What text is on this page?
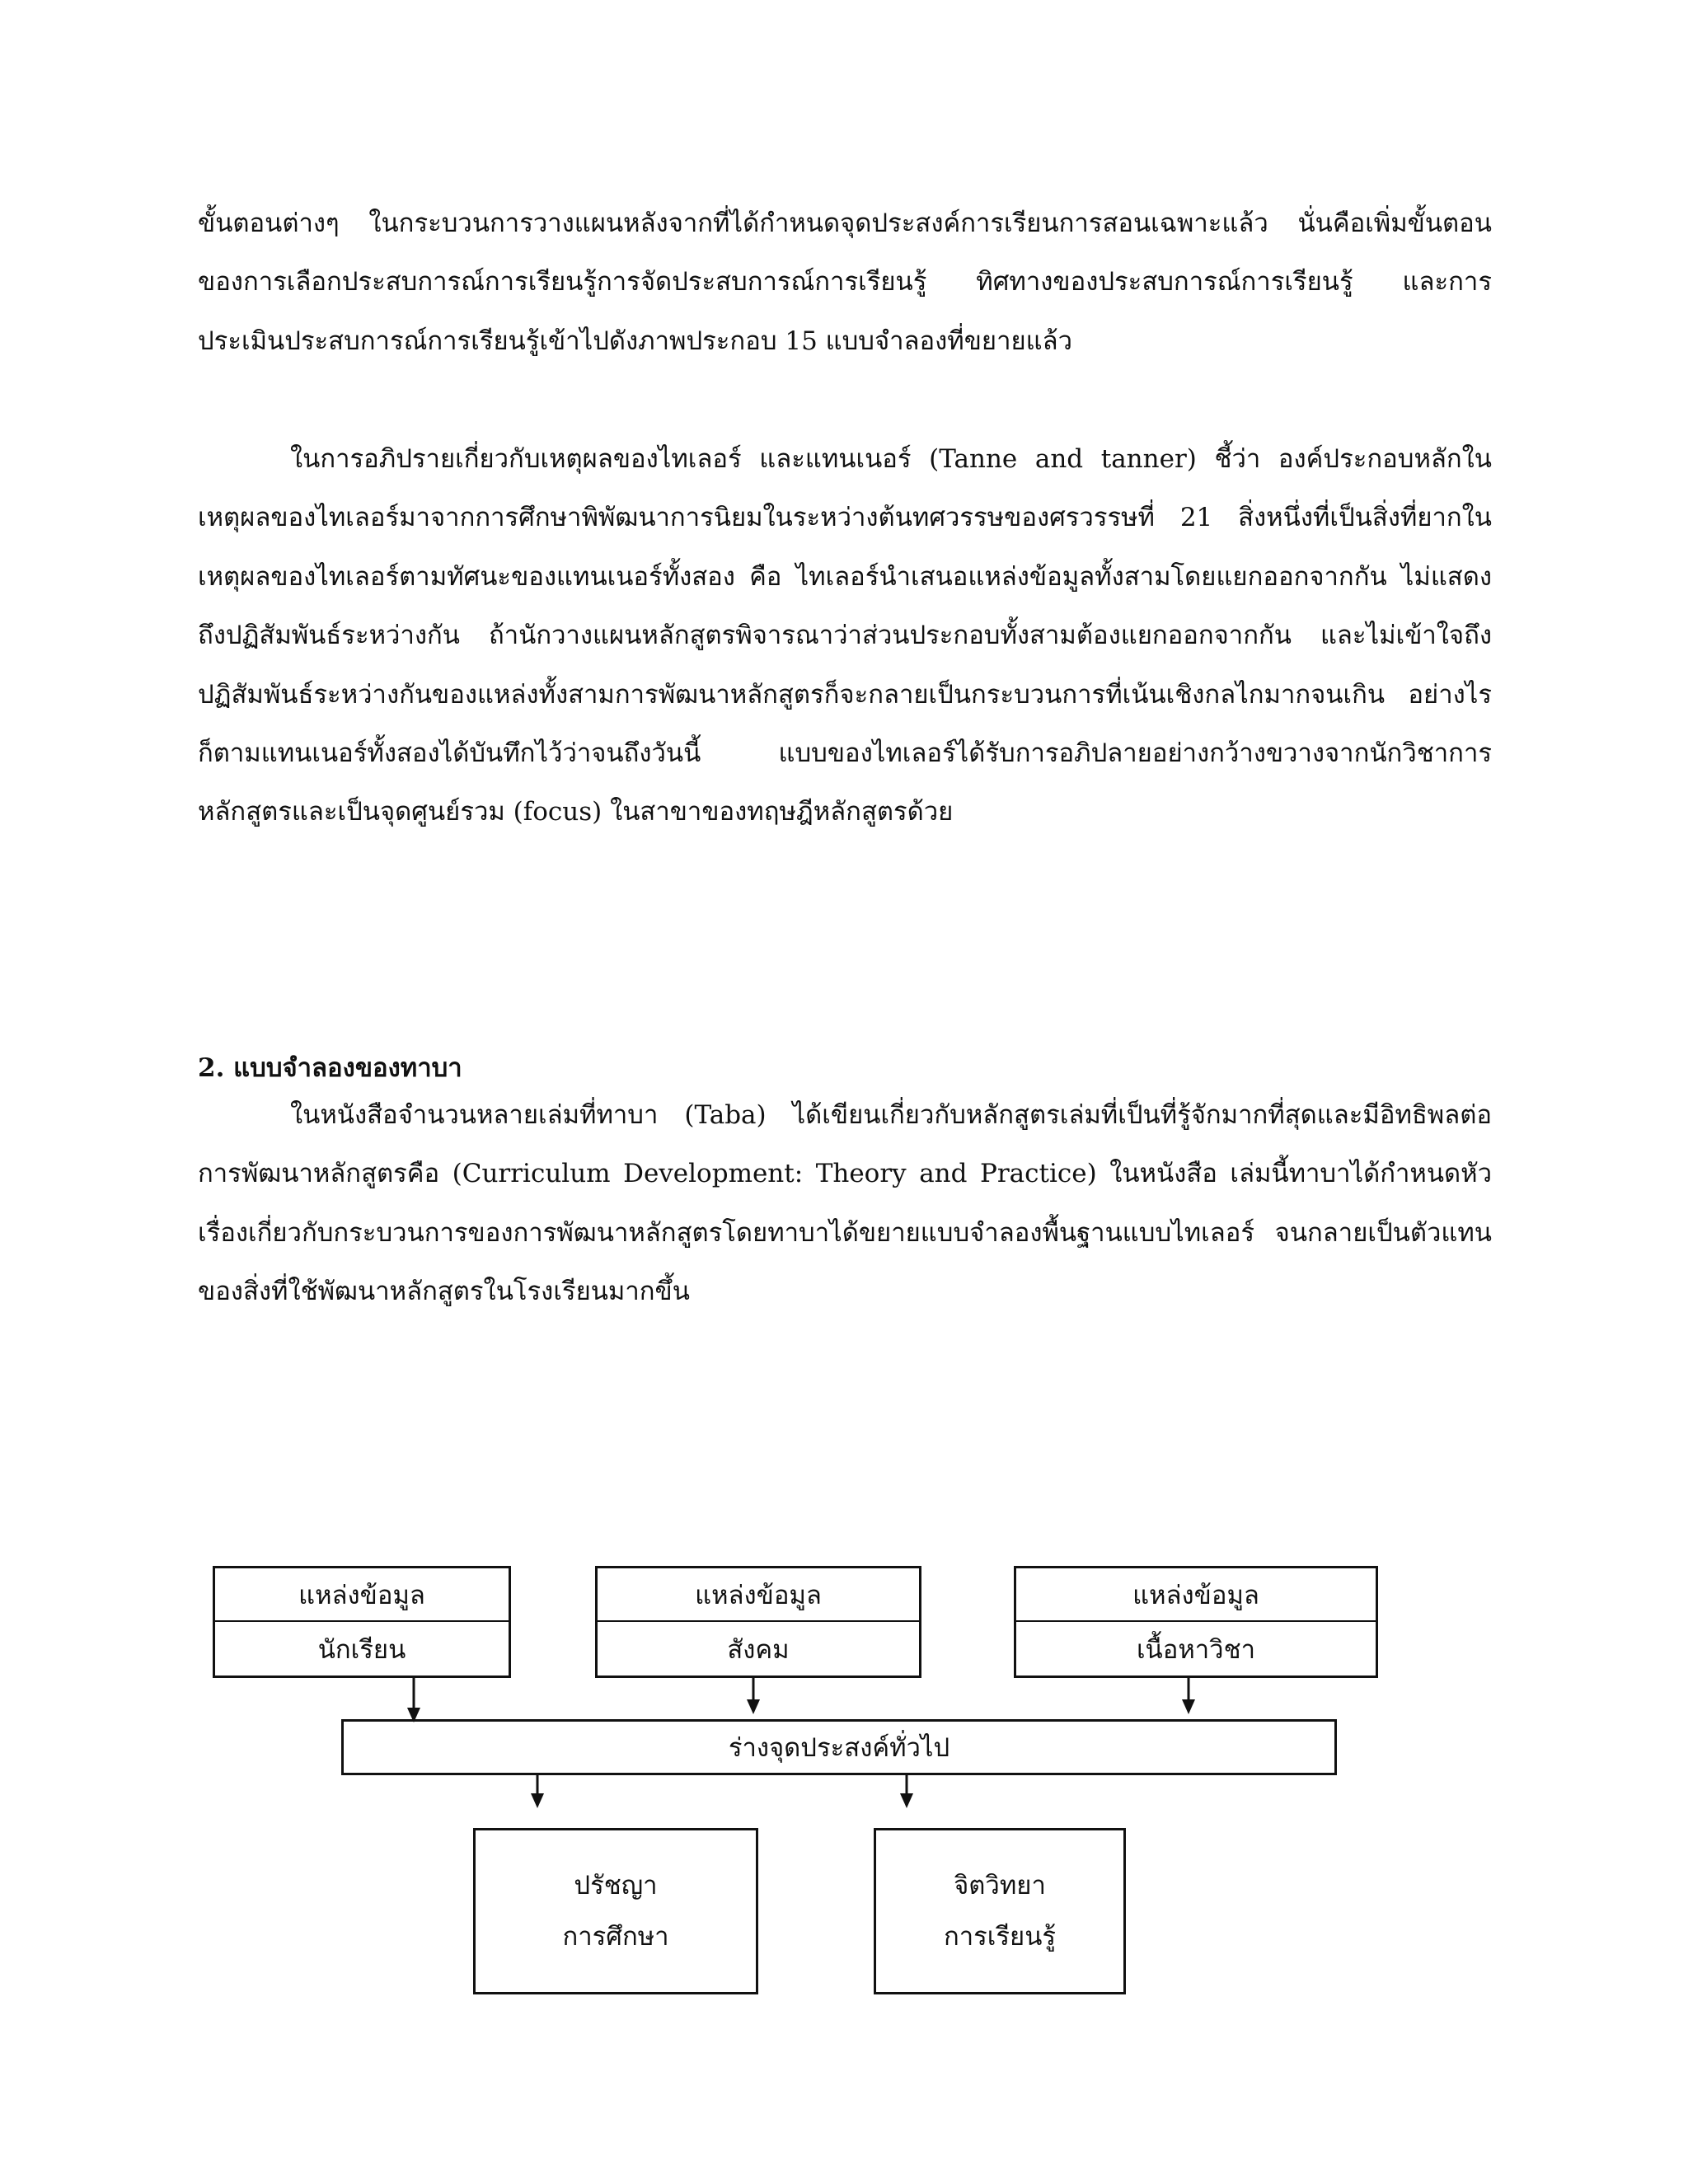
ขั้นตอนต่างๆ ในกระบวนการวางแผนหลังจากที่ได้กำหนดจุดประสงค์การเรียนการสอนเฉพาะแล้ว นั่นคือเพิ่มขั้นตอนของการเลือกประสบการณ์การเรียนรู้การจัดประสบการณ์การเรียนรู้ ทิศทางของประสบการณ์การเรียนรู้ และการประเมินประสบการณ์การเรียนรู้เข้าไปดังภาพประกอบ 15 แบบจำลองที่ขยายแล้ว

ในการอภิปรายเกี่ยวกับเหตุผลของไทเลอร์ และแทนเนอร์ (Tanne and tanner) ชี้ว่า องค์ประกอบหลักในเหตุผลของไทเลอร์มาจากการศึกษาพิพัฒนาการนิยมในระหว่างต้นทศวรรษของศรวรรษที่ 21 สิ่งหนึ่งที่เป็นสิ่งที่ยากในเหตุผลของไทเลอร์ตามทัศนะของแทนเนอร์ทั้งสอง คือ ไทเลอร์นำเสนอแหล่งข้อมูลทั้งสามโดยแยกออกจากกัน ไม่แสดงถึงปฏิสัมพันธ์ระหว่างกัน ถ้านักวางแผนหลักสูตรพิจารณาว่าส่วนประกอบทั้งสามต้องแยกออกจากกัน และไม่เข้าใจถึงปฏิสัมพันธ์ระหว่างกันของแหล่งทั้งสามการพัฒนาหลักสูตรก็จะกลายเป็นกระบวนการที่เน้นเชิงกลไกมากจนเกิน อย่างไรก็ตามแทนเนอร์ทั้งสองได้บันทึกไว้ว่าจนถึงวันนี้ แบบของไทเลอร์ได้รับการอภิปลายอย่างกว้างขวางจากนักวิชาการหลักสูตรและเป็นจุดศูนย์รวม (focus) ในสาขาของทฤษฎีหลักสูตรด้วย

2. แบบจำลองของทาบา

ในหนังสือจำนวนหลายเล่มที่ทาบา (Taba) ได้เขียนเกี่ยวกับหลักสูตรเล่มที่เป็นที่รู้จักมากที่สุดและมีอิทธิพลต่อการพัฒนาหลักสูตรคือ (Curriculum Development: Theory and Practice) ในหนังสือ เล่มนี้ทาบาได้กำหนดหัวเรื่องเกี่ยวกับกระบวนการของการพัฒนาหลักสูตรโดยทาบาได้ขยายแบบจำลองพื้นฐานแบบไทเลอร์ จนกลายเป็นตัวแทนของสิ่งที่ใช้พัฒนาหลักสูตรในโรงเรียนมากขึ้น

แหล่งข้อมูล
นักเรียน
แหล่งข้อมูล
สังคม
แหล่งข้อมูล
เนื้อหาวิชา
ร่างจุดประสงค์ทั่วไป
ปรัชญา
การศึกษา
จิตวิทยา
การเรียนรู้
